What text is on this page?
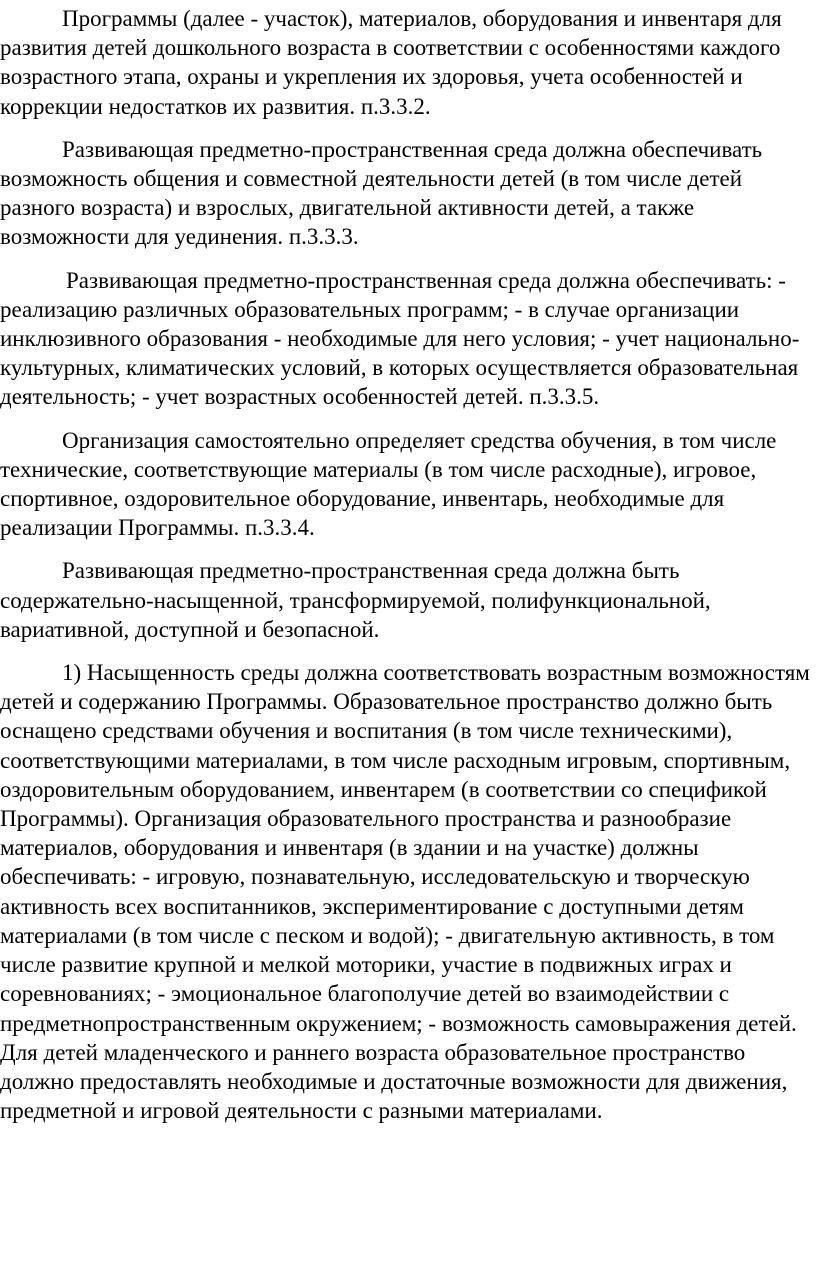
Программы (далее - участок), материалов, оборудования и инвентаря для развития детей дошкольного возраста в соответствии с особенностями каждого возрастного этапа, охраны и укрепления их здоровья, учета особенностей и коррекции недостатков их развития. п.3.3.2.

Развивающая предметно-пространственная среда должна обеспечивать возможность общения и совместной деятельности детей (в том числе детей разного возраста) и взрослых, двигательной активности детей, а также возможности для уединения. п.3.3.3.

Развивающая предметно-пространственная среда должна обеспечивать: - реализацию различных образовательных программ; - в случае организации инклюзивного образования - необходимые для него условия; - учет национально-культурных, климатических условий, в которых осуществляется образовательная деятельность; - учет возрастных особенностей детей. п.3.3.5.

Организация самостоятельно определяет средства обучения, в том числе технические, соответствующие материалы (в том числе расходные), игровое, спортивное, оздоровительное оборудование, инвентарь, необходимые для реализации Программы. п.3.3.4.

Развивающая предметно-пространственная среда должна быть содержательно-насыщенной, трансформируемой, полифункциональной, вариативной, доступной и безопасной.

1) Насыщенность среды должна соответствовать возрастным возможностям детей и содержанию Программы. Образовательное пространство должно быть оснащено средствами обучения и воспитания (в том числе техническими), соответствующими материалами, в том числе расходным игровым, спортивным, оздоровительным оборудованием, инвентарем (в соответствии со спецификой Программы). Организация образовательного пространства и разнообразие материалов, оборудования и инвентаря (в здании и на участке) должны обеспечивать: - игровую, познавательную, исследовательскую и творческую активность всех воспитанников, экспериментирование с доступными детям материалами (в том числе с песком и водой); - двигательную активность, в том числе развитие крупной и мелкой моторики, участие в подвижных играх и соревнованиях; - эмоциональное благополучие детей во взаимодействии с предметнопространственным окружением; - возможность самовыражения детей. Для детей младенческого и раннего возраста образовательное пространство должно предоставлять необходимые и достаточные возможности для движения, предметной и игровой деятельности с разными материалами.
